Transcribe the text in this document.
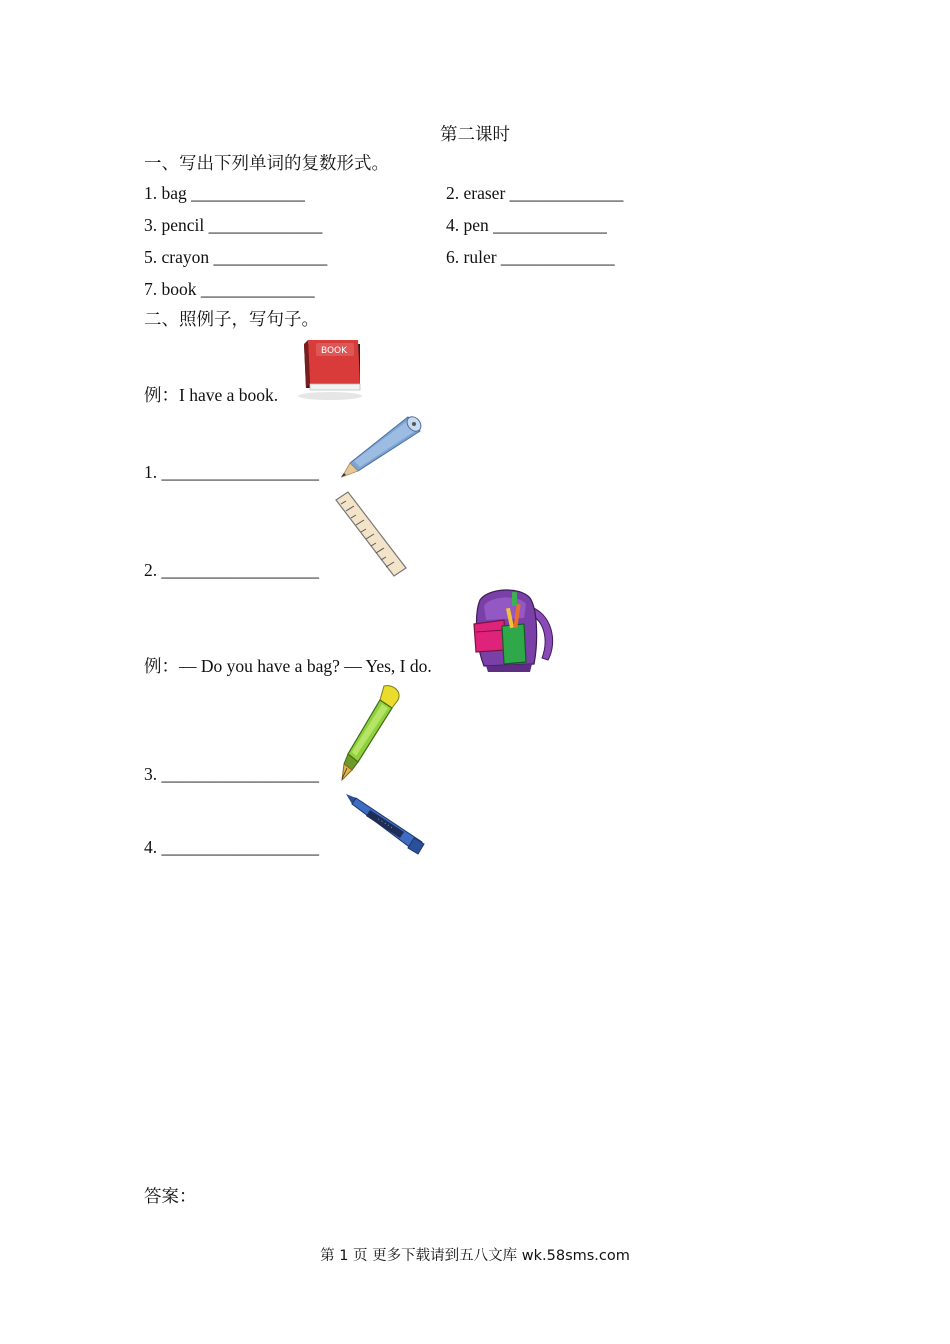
第二课时
一、写出下列单词的复数形式。
1. bag _____________	2. eraser _____________
3. pencil _____________	4. pen _____________
5. crayon _____________	6. ruler _____________
7. book _____________
二、照例子，写句子。
例：I have a book.
BOOK
1. __________________
2. __________________
例：— Do you have a bag? — Yes, I do.
3. __________________
· · · · ·
4. __________________
答案：
第 1 页 更多下载请到五八文库 wk.58sms.com
